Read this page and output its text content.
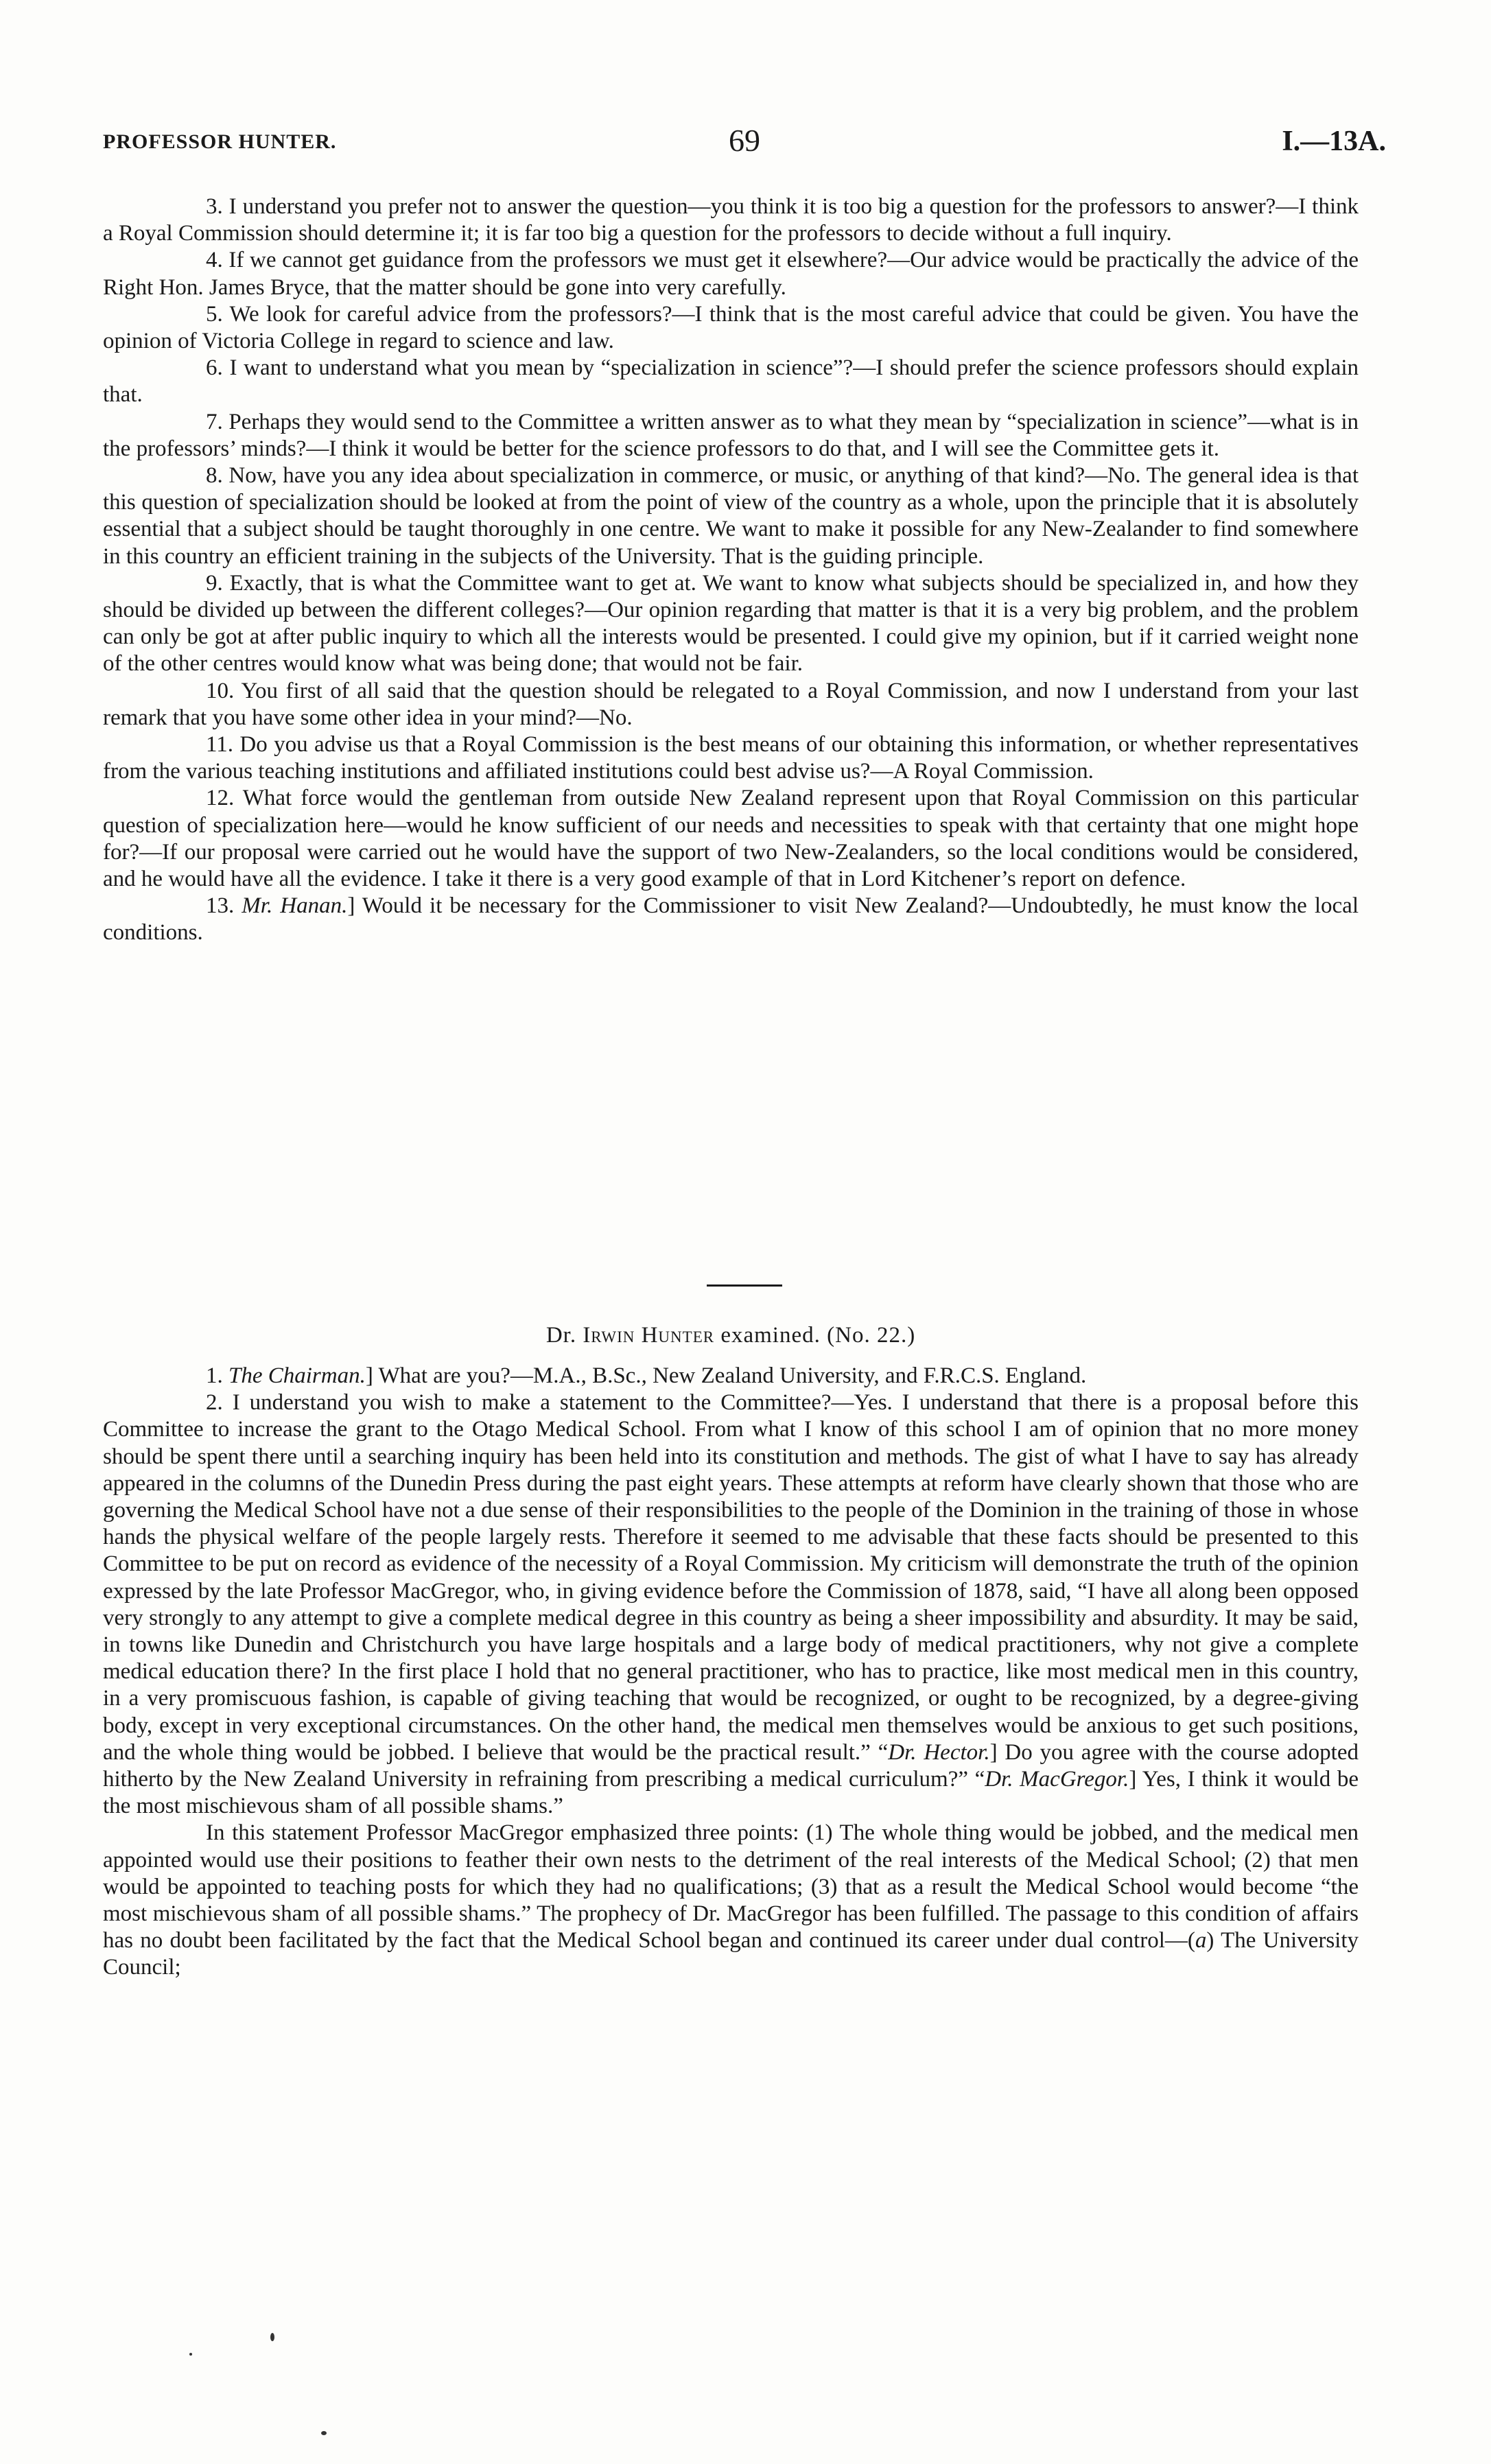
PROFESSOR HUNTER.	69	I.—13A.

3. I understand you prefer not to answer the question—you think it is too big a question for the professors to answer?—I think a Royal Commission should determine it; it is far too big a question for the professors to decide without a full inquiry.

4. If we cannot get guidance from the professors we must get it elsewhere?—Our advice would be practically the advice of the Right Hon. James Bryce, that the matter should be gone into very carefully.

5. We look for careful advice from the professors?—I think that is the most careful advice that could be given. You have the opinion of Victoria College in regard to science and law.

6. I want to understand what you mean by “specialization in science”?—I should prefer the science professors should explain that.

7. Perhaps they would send to the Committee a written answer as to what they mean by “specialization in science”—what is in the professors’ minds?—I think it would be better for the science professors to do that, and I will see the Committee gets it.

8. Now, have you any idea about specialization in commerce, or music, or anything of that kind?—No. The general idea is that this question of specialization should be looked at from the point of view of the country as a whole, upon the principle that it is absolutely essential that a subject should be taught thoroughly in one centre. We want to make it possible for any New-Zealander to find somewhere in this country an efficient training in the subjects of the University. That is the guiding principle.

9. Exactly, that is what the Committee want to get at. We want to know what subjects should be specialized in, and how they should be divided up between the different colleges?—Our opinion regarding that matter is that it is a very big problem, and the problem can only be got at after public inquiry to which all the interests would be presented. I could give my opinion, but if it carried weight none of the other centres would know what was being done; that would not be fair.

10. You first of all said that the question should be relegated to a Royal Commission, and now I understand from your last remark that you have some other idea in your mind?—No.

11. Do you advise us that a Royal Commission is the best means of our obtaining this information, or whether representatives from the various teaching institutions and affiliated institutions could best advise us?—A Royal Commission.

12. What force would the gentleman from outside New Zealand represent upon that Royal Commission on this particular question of specialization here—would he know sufficient of our needs and necessities to speak with that certainty that one might hope for?—If our proposal were carried out he would have the support of two New-Zealanders, so the local conditions would be considered, and he would have all the evidence. I take it there is a very good example of that in Lord Kitchener’s report on defence.

13. Mr. Hanan.] Would it be necessary for the Commissioner to visit New Zealand?—Undoubtedly, he must know the local conditions.

Dr. Irwin Hunter examined. (No. 22.)

1. The Chairman.] What are you?—M.A., B.Sc., New Zealand University, and F.R.C.S. England.

2. I understand you wish to make a statement to the Committee?—Yes. I understand that there is a proposal before this Committee to increase the grant to the Otago Medical School. From what I know of this school I am of opinion that no more money should be spent there until a searching inquiry has been held into its constitution and methods. The gist of what I have to say has already appeared in the columns of the Dunedin Press during the past eight years. These attempts at reform have clearly shown that those who are governing the Medical School have not a due sense of their responsibilities to the people of the Dominion in the training of those in whose hands the physical welfare of the people largely rests. Therefore it seemed to me advisable that these facts should be presented to this Committee to be put on record as evidence of the necessity of a Royal Commission. My criticism will demonstrate the truth of the opinion expressed by the late Professor MacGregor, who, in giving evidence before the Commission of 1878, said, “I have all along been opposed very strongly to any attempt to give a complete medical degree in this country as being a sheer impossibility and absurdity. It may be said, in towns like Dunedin and Christchurch you have large hospitals and a large body of medical practitioners, why not give a complete medical education there? In the first place I hold that no general practitioner, who has to practice, like most medical men in this country, in a very promiscuous fashion, is capable of giving teaching that would be recognized, or ought to be recognized, by a degree-giving body, except in very exceptional circumstances. On the other hand, the medical men themselves would be anxious to get such positions, and the whole thing would be jobbed. I believe that would be the practical result.” “Dr. Hector.] Do you agree with the course adopted hitherto by the New Zealand University in refraining from prescribing a medical curriculum?” “Dr. MacGregor.] Yes, I think it would be the most mischievous sham of all possible shams.”

In this statement Professor MacGregor emphasized three points: (1) The whole thing would be jobbed, and the medical men appointed would use their positions to feather their own nests to the detriment of the real interests of the Medical School; (2) that men would be appointed to teaching posts for which they had no qualifications; (3) that as a result the Medical School would become “the most mischievous sham of all possible shams.” The prophecy of Dr. MacGregor has been fulfilled. The passage to this condition of affairs has no doubt been facilitated by the fact that the Medical School began and continued its career under dual control—(a) The University Council;
